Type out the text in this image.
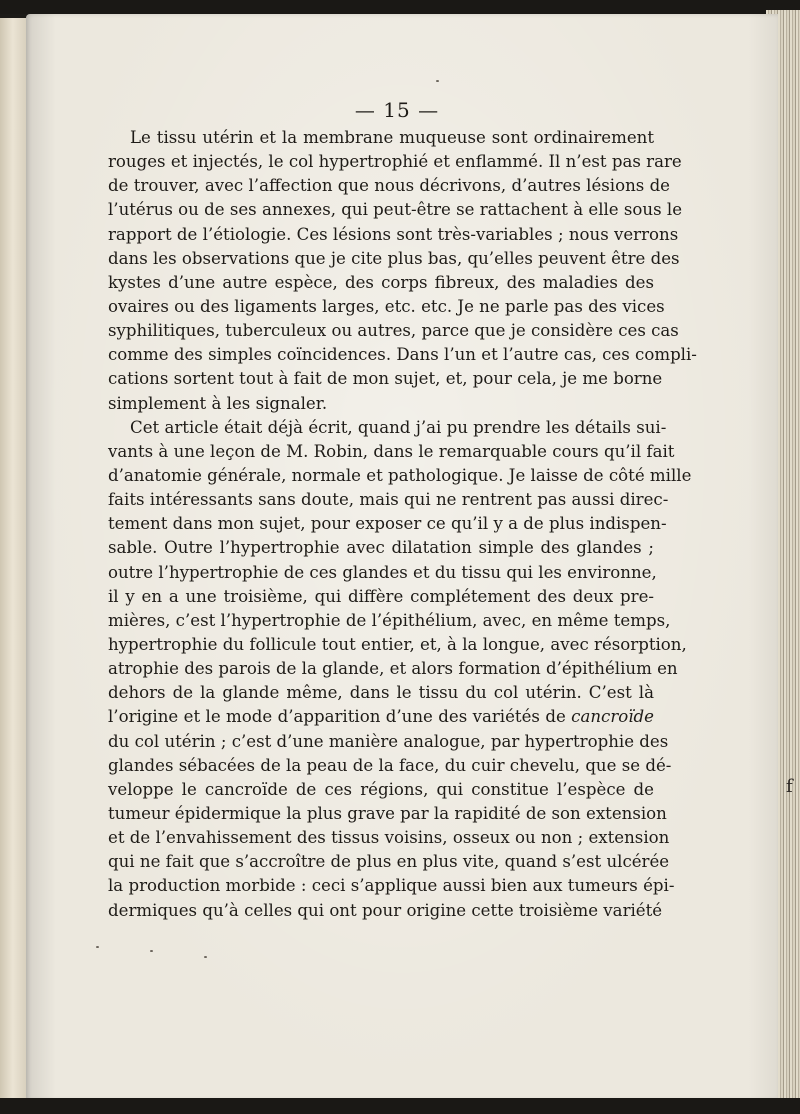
— 15 —
Le tissu utérin et la membrane muqueuse sont ordinairement
rouges et injectés, le col hypertrophié et enflammé. Il n’est pas rare
de trouver, avec l’affection que nous décrivons, d’autres lésions de
l’utérus ou de ses annexes, qui peut-être se rattachent à elle sous le
rapport de l’étiologie. Ces lésions sont très-variables ; nous verrons
dans les observations que je cite plus bas, qu’elles peuvent être des
kystes d’une autre espèce, des corps fibreux, des maladies des
ovaires ou des ligaments larges, etc. etc. Je ne parle pas des vices
syphilitiques, tuberculeux ou autres, parce que je considère ces cas
comme des simples coïncidences. Dans l’un et l’autre cas, ces compli-
cations sortent tout à fait de mon sujet, et, pour cela, je me borne
simplement à les signaler.
Cet article était déjà écrit, quand j’ai pu prendre les détails sui-
vants à une leçon de M. Robin, dans le remarquable cours qu’il fait
d’anatomie générale, normale et pathologique. Je laisse de côté mille
faits intéressants sans doute, mais qui ne rentrent pas aussi direc-
tement dans mon sujet, pour exposer ce qu’il y a de plus indispen-
sable. Outre l’hypertrophie avec dilatation simple des glandes ;
outre l’hypertrophie de ces glandes et du tissu qui les environne,
il y en a une troisième, qui diffère complétement des deux pre-
mières, c’est l’hypertrophie de l’épithélium, avec, en même temps,
hypertrophie du follicule tout entier, et, à la longue, avec résorption,
atrophie des parois de la glande, et alors formation d’épithélium en
dehors de la glande même, dans le tissu du col utérin. C’est là
l’origine et le mode d’apparition d’une des variétés de cancroïde
du col utérin ; c’est d’une manière analogue, par hypertrophie des
glandes sébacées de la peau de la face, du cuir chevelu, que se dé-
veloppe le cancroïde de ces régions, qui constitue l’espèce de
tumeur épidermique la plus grave par la rapidité de son extension
et de l’envahissement des tissus voisins, osseux ou non ; extension
qui ne fait que s’accroître de plus en plus vite, quand s’est ulcérée
la production morbide : ceci s’applique aussi bien aux tumeurs épi-
dermiques qu’à celles qui ont pour origine cette troisième variété
f
